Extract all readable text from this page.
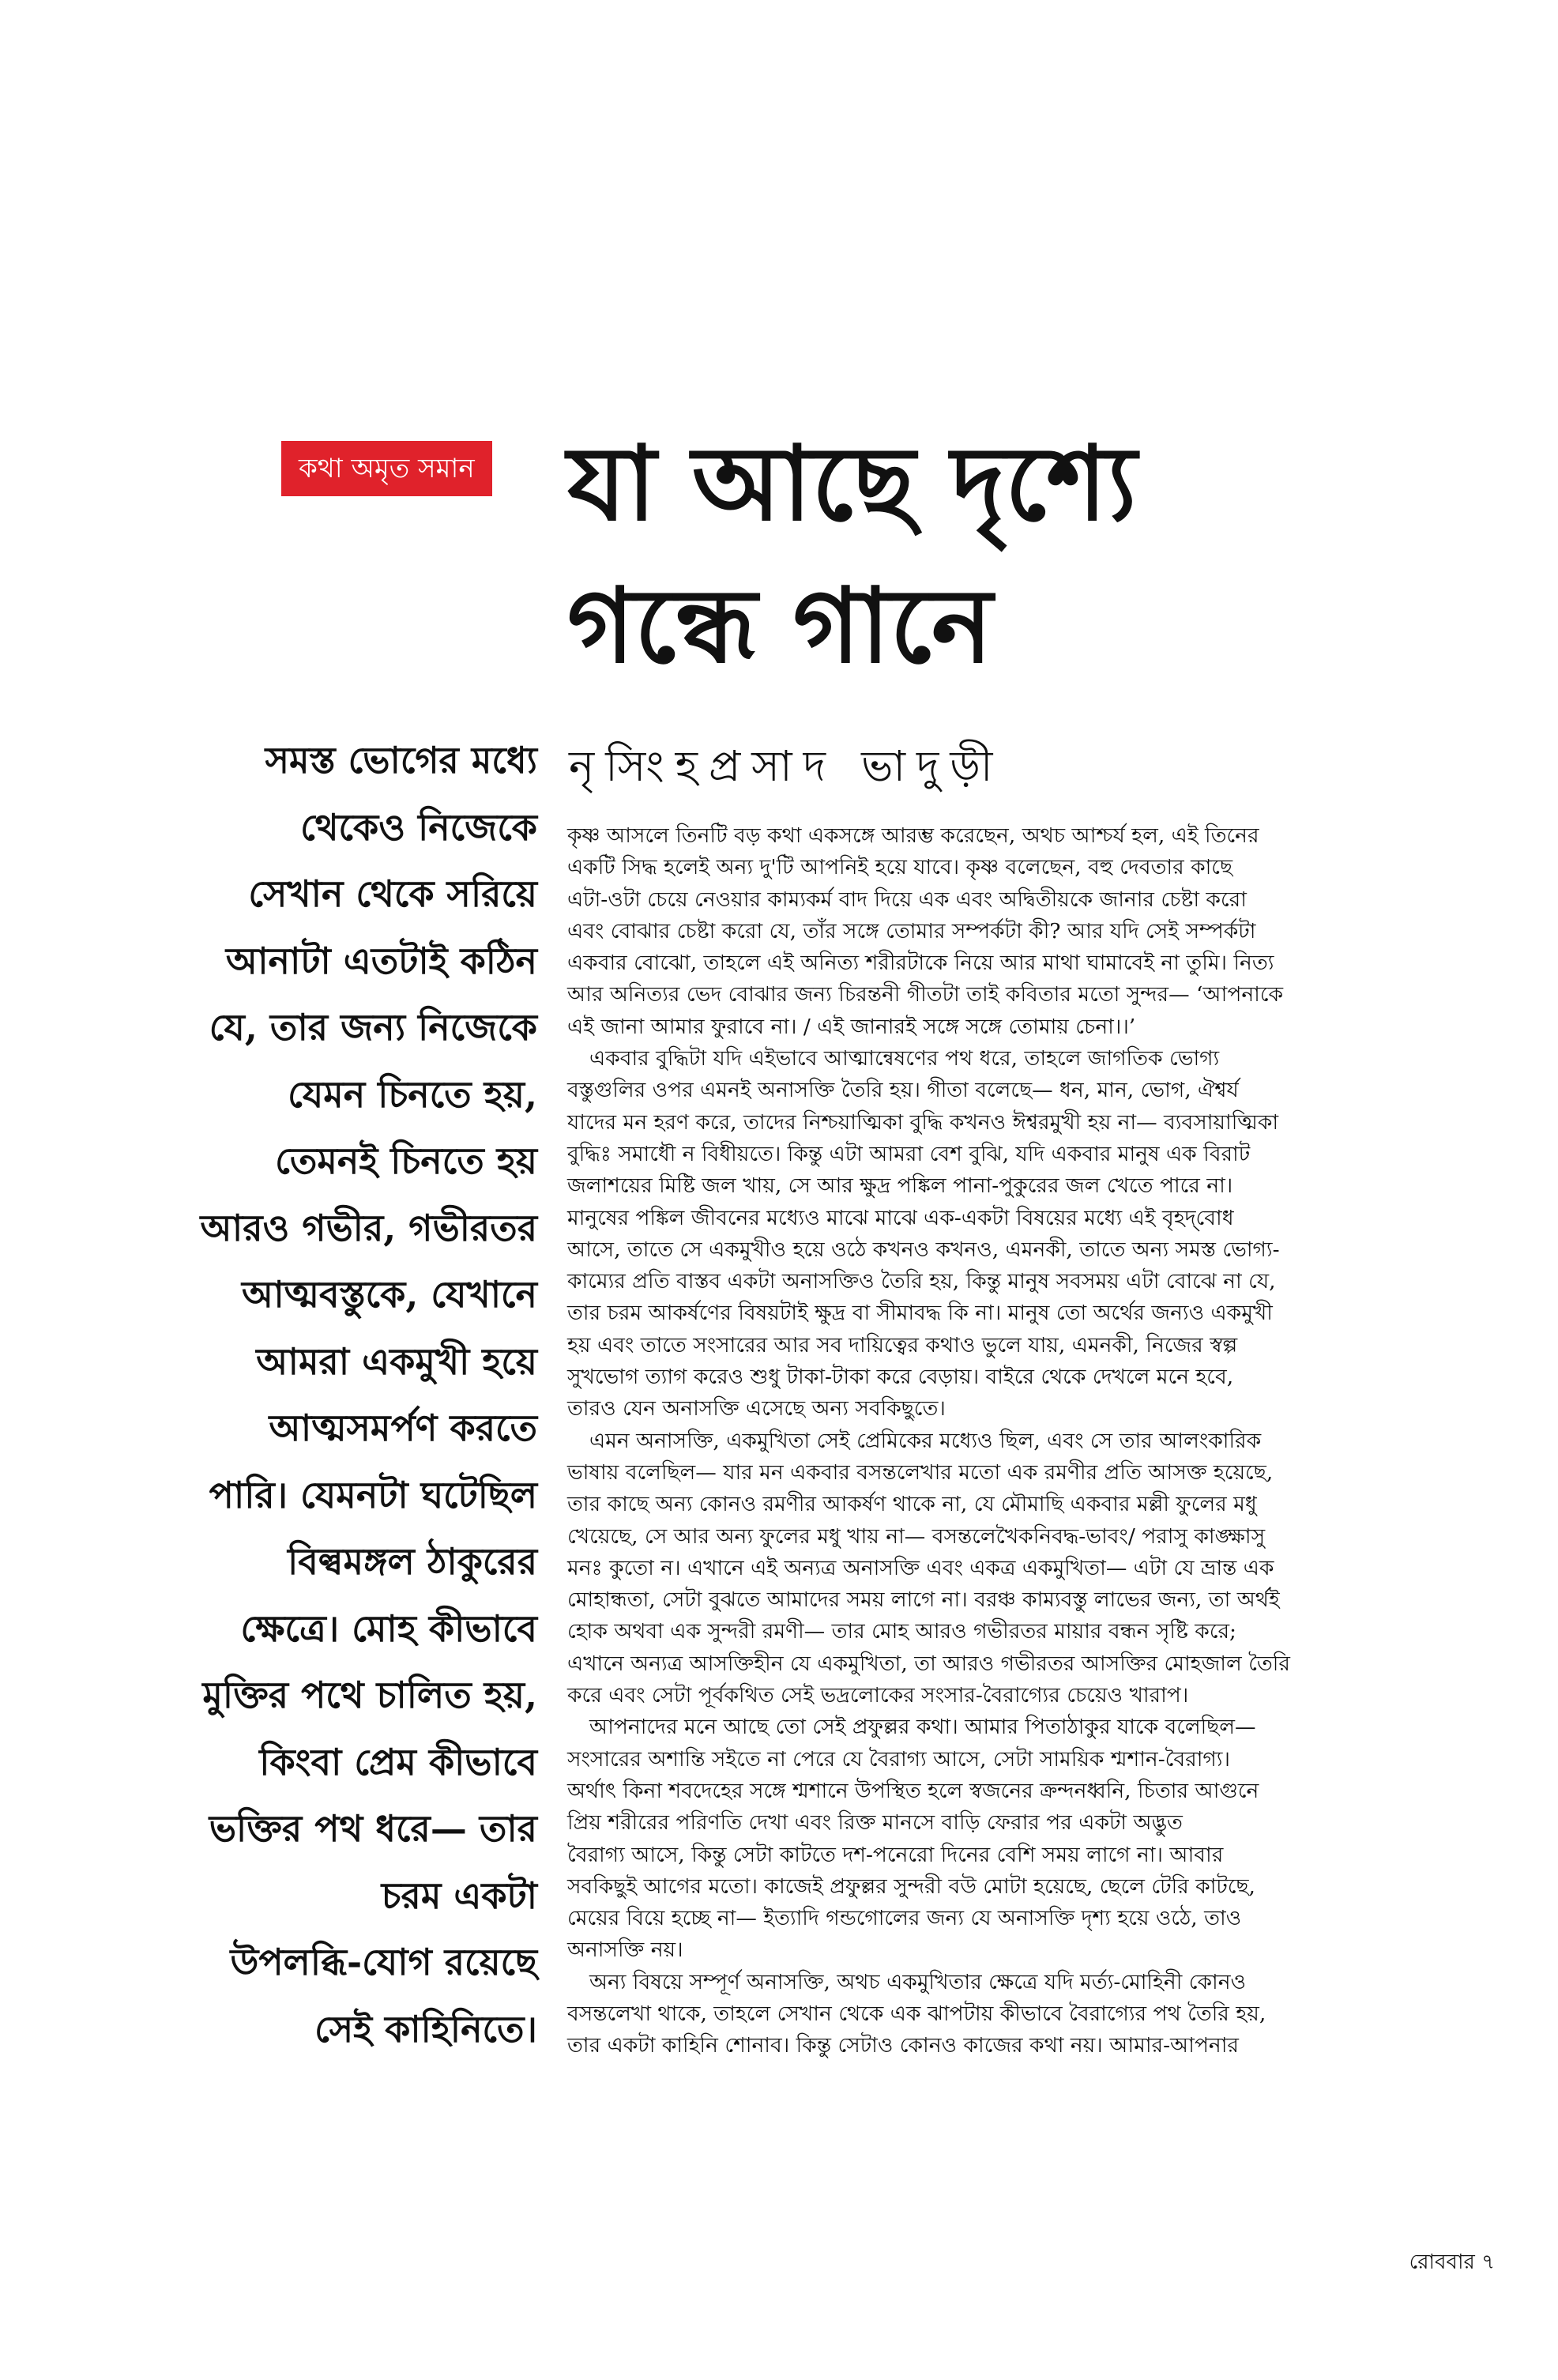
কথা অমৃত সমান যা আছে দৃশ্যে
গন্ধে গানে
নৃসিংহপ্রসাদ ভাদুড়ী
সমস্ত ভোগের মধ্যে
থেকেও নিজেকে
সেখান থেকে সরিয়ে
আনাটা এতটাই কঠিন
যে, তার জন্য নিজেকে
যেমন চিনতে হয়,
তেমনই চিনতে হয়
আরও গভীর, গভীরতর
আত্মবস্তুকে, যেখানে
আমরা একমুখী হয়ে
আত্মসমর্পণ করতে
পারি। যেমনটা ঘটেছিল
বিল্বমঙ্গল ঠাকুরের
ক্ষেত্রে। মোহ কীভাবে
মুক্তির পথে চালিত হয়,
কিংবা প্রেম কীভাবে
ভক্তির পথ ধরে— তার
চরম একটা
উপলব্ধি-যোগ রয়েছে
সেই কাহিনিতে।

কৃষ্ণ আসলে তিনটি বড় কথা একসঙ্গে আরম্ভ করেছেন, অথচ আশ্চর্য হল, এই তিনের
একটি সিদ্ধ হলেই অন্য দু'টি আপনিই হয়ে যাবে। কৃষ্ণ বলেছেন, বহু দেবতার কাছে
এটা-ওটা চেয়ে নেওয়ার কাম্যকর্ম বাদ দিয়ে এক এবং অদ্বিতীয়কে জানার চেষ্টা করো
এবং বোঝার চেষ্টা করো যে, তাঁর সঙ্গে তোমার সম্পর্কটা কী? আর যদি সেই সম্পর্কটা
একবার বোঝো, তাহলে এই অনিত্য শরীরটাকে নিয়ে আর মাথা ঘামাবেই না তুমি। নিত্য
আর অনিত্যর ভেদ বোঝার জন্য চিরন্তনী গীতটা তাই কবিতার মতো সুন্দর— ‘আপনাকে
এই জানা আমার ফুরাবে না। / এই জানারই সঙ্গে সঙ্গে তোমায় চেনা।।’

একবার বুদ্ধিটা যদি এইভাবে আত্মান্বেষণের পথ ধরে, তাহলে জাগতিক ভোগ্য
বস্তুগুলির ওপর এমনই অনাসক্তি তৈরি হয়। গীতা বলেছে— ধন, মান, ভোগ, ঐশ্বর্য
যাদের মন হরণ করে, তাদের নিশ্চয়াত্মিকা বুদ্ধি কখনও ঈশ্বরমুখী হয় না— ব্যবসায়াত্মিকা
বুদ্ধিঃ সমাধৌ ন বিধীয়তে। কিন্তু এটা আমরা বেশ বুঝি, যদি একবার মানুষ এক বিরাট
জলাশয়ের মিষ্টি জল খায়, সে আর ক্ষুদ্র পঙ্কিল পানা-পুকুরের জল খেতে পারে না।
মানুষের পঙ্কিল জীবনের মধ্যেও মাঝে মাঝে এক-একটা বিষয়ের মধ্যে এই বৃহদ্‌বোধ
আসে, তাতে সে একমুখীও হয়ে ওঠে কখনও কখনও, এমনকী, তাতে অন্য সমস্ত ভোগ্য-
কাম্যের প্রতি বাস্তব একটা অনাসক্তিও তৈরি হয়, কিন্তু মানুষ সবসময় এটা বোঝে না যে,
তার চরম আকর্ষণের বিষয়টাই ক্ষুদ্র বা সীমাবদ্ধ কি না। মানুষ তো অর্থের জন্যও একমুখী
হয় এবং তাতে সংসারের আর সব দায়িত্বের কথাও ভুলে যায়, এমনকী, নিজের স্বল্প
সুখভোগ ত্যাগ করেও শুধু টাকা-টাকা করে বেড়ায়। বাইরে থেকে দেখলে মনে হবে,
তারও যেন অনাসক্তি এসেছে অন্য সবকিছুতে।

এমন অনাসক্তি, একমুখিতা সেই প্রেমিকের মধ্যেও ছিল, এবং সে তার আলংকারিক
ভাষায় বলেছিল— যার মন একবার বসন্তলেখার মতো এক রমণীর প্রতি আসক্ত হয়েছে,
তার কাছে অন্য কোনও রমণীর আকর্ষণ থাকে না, যে মৌমাছি একবার মল্লী ফুলের মধু
খেয়েছে, সে আর অন্য ফুলের মধু খায় না— বসন্তলেখৈকনিবদ্ধ-ভাবং/ পরাসু কাঙ্ক্ষাসু
মনঃ কুতো ন। এখানে এই অন্যত্র অনাসক্তি এবং একত্র একমুখিতা— এটা যে ভ্রান্ত এক
মোহান্ধতা, সেটা বুঝতে আমাদের সময় লাগে না। বরঞ্চ কাম্যবস্তু লাভের জন্য, তা অর্থই
হোক অথবা এক সুন্দরী রমণী— তার মোহ আরও গভীরতর মায়ার বন্ধন সৃষ্টি করে;
এখানে অন্যত্র আসক্তিহীন যে একমুখিতা, তা আরও গভীরতর আসক্তির মোহজাল তৈরি
করে এবং সেটা পূর্বকথিত সেই ভদ্রলোকের সংসার-বৈরাগ্যের চেয়েও খারাপ।

আপনাদের মনে আছে তো সেই প্রফুল্লর কথা। আমার পিতাঠাকুর যাকে বলেছিল—
সংসারের অশান্তি সইতে না পেরে যে বৈরাগ্য আসে, সেটা সাময়িক শ্মশান-বৈরাগ্য।
অর্থাৎ কিনা শবদেহের সঙ্গে শ্মশানে উপস্থিত হলে স্বজনের ক্রন্দনধ্বনি, চিতার আগুনে
প্রিয় শরীরের পরিণতি দেখা এবং রিক্ত মানসে বাড়ি ফেরার পর একটা অদ্ভুত
বৈরাগ্য আসে, কিন্তু সেটা কাটতে দশ-পনেরো দিনের বেশি সময় লাগে না। আবার
সবকিছুই আগের মতো। কাজেই প্রফুল্লর সুন্দরী বউ মোটা হয়েছে, ছেলে টেরি কাটছে,
মেয়ের বিয়ে হচ্ছে না— ইত্যাদি গন্ডগোলের জন্য যে অনাসক্তি দৃশ্য হয়ে ওঠে, তাও
অনাসক্তি নয়।

অন্য বিষয়ে সম্পূর্ণ অনাসক্তি, অথচ একমুখিতার ক্ষেত্রে যদি মর্ত্য-মোহিনী কোনও
বসন্তলেখা থাকে, তাহলে সেখান থেকে এক ঝাপটায় কীভাবে বৈরাগ্যের পথ তৈরি হয়,
তার একটা কাহিনি শোনাব। কিন্তু সেটাও কোনও কাজের কথা নয়। আমার-আপনার

রোববার ৭
